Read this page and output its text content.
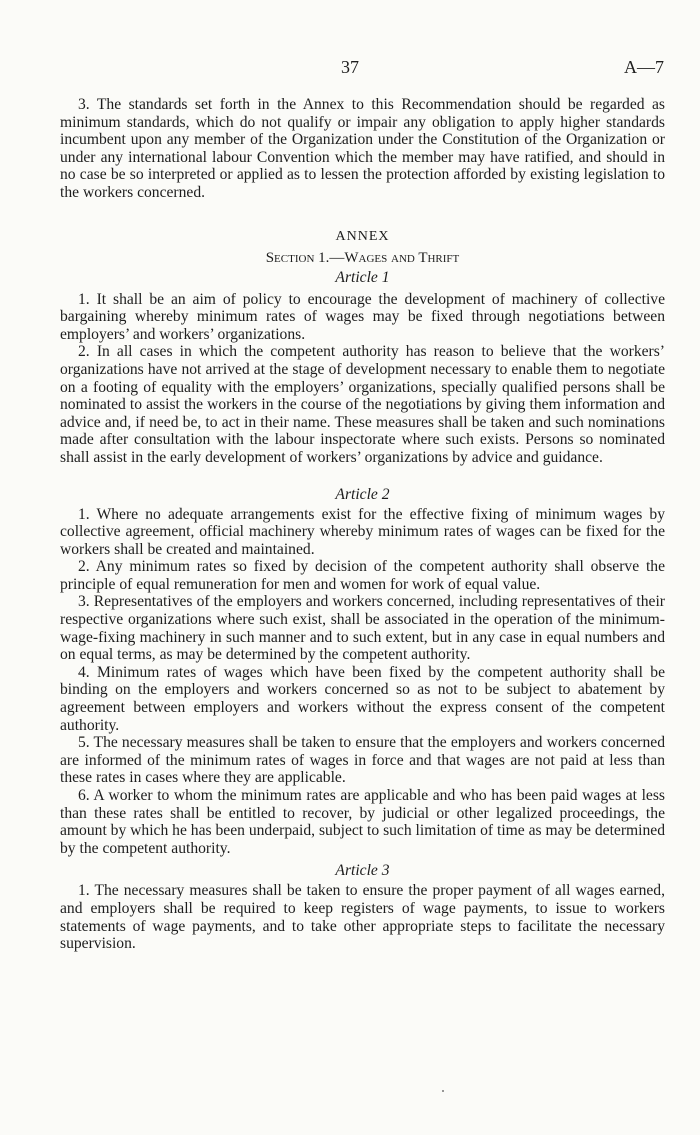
37	A—7

3. The standards set forth in the Annex to this Recommendation should be regarded as minimum standards, which do not qualify or impair any obligation to apply higher standards incumbent upon any member of the Organization under the Constitution of the Organization or under any international labour Convention which the member may have ratified, and should in no case be so interpreted or applied as to lessen the protection afforded by existing legislation to the workers concerned.

ANNEX
Section 1.—Wages and Thrift
Article 1

1. It shall be an aim of policy to encourage the development of machinery of collective bargaining whereby minimum rates of wages may be fixed through negotiations between employers’ and workers’ organizations.

2. In all cases in which the competent authority has reason to believe that the workers’ organizations have not arrived at the stage of development necessary to enable them to negotiate on a footing of equality with the employers’ organizations, specially qualified persons shall be nominated to assist the workers in the course of the negotiations by giving them information and advice and, if need be, to act in their name. These measures shall be taken and such nominations made after consultation with the labour inspectorate where such exists. Persons so nominated shall assist in the early development of workers’ organizations by advice and guidance.

Article 2

1. Where no adequate arrangements exist for the effective fixing of minimum wages by collective agreement, official machinery whereby minimum rates of wages can be fixed for the workers shall be created and maintained.

2. Any minimum rates so fixed by decision of the competent authority shall observe the principle of equal remuneration for men and women for work of equal value.

3. Representatives of the employers and workers concerned, including representatives of their respective organizations where such exist, shall be associated in the operation of the minimum-wage-fixing machinery in such manner and to such extent, but in any case in equal numbers and on equal terms, as may be determined by the competent authority.

4. Minimum rates of wages which have been fixed by the competent authority shall be binding on the employers and workers concerned so as not to be subject to abatement by agreement between employers and workers without the express consent of the competent authority.

5. The necessary measures shall be taken to ensure that the employers and workers concerned are informed of the minimum rates of wages in force and that wages are not paid at less than these rates in cases where they are applicable.

6. A worker to whom the minimum rates are applicable and who has been paid wages at less than these rates shall be entitled to recover, by judicial or other legalized proceedings, the amount by which he has been underpaid, subject to such limitation of time as may be determined by the competent authority.

Article 3

1. The necessary measures shall be taken to ensure the proper payment of all wages earned, and employers shall be required to keep registers of wage payments, to issue to workers statements of wage payments, and to take other appropriate steps to facilitate the necessary supervision.
